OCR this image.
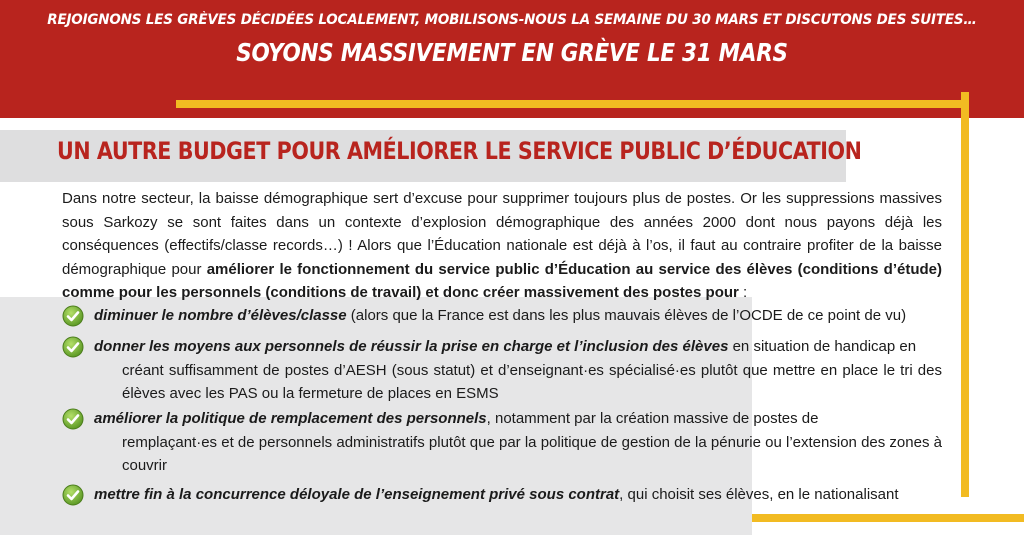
REJOIGNONS LES GRÈVES DÉCIDÉES LOCALEMENT, MOBILISONS-NOUS LA SEMAINE DU 30 MARS ET DISCUTONS DES SUITES…
SOYONS MASSIVEMENT EN GRÈVE LE 31 MARS
UN AUTRE BUDGET POUR AMÉLIORER LE SERVICE PUBLIC D’ÉDUCATION
Dans notre secteur, la baisse démographique sert d’excuse pour supprimer toujours plus de postes. Or les suppressions massives sous Sarkozy se sont faites dans un contexte d’explosion démographique des années 2000 dont nous payons déjà les conséquences (effectifs/classe records…) ! Alors que l’Éducation nationale est déjà à l’os, il faut au contraire profiter de la baisse démographique pour améliorer le fonctionnement du service public d’Éducation au service des élèves (conditions d’étude) comme pour les personnels (conditions de travail) et donc créer massivement des postes pour :
diminuer le nombre d’élèves/classe (alors que la France est dans les plus mauvais élèves de l’OCDE de ce point de vu)
donner les moyens aux personnels de réussir la prise en charge et l’inclusion des élèves en situation de handicap en
créant suffisamment de postes d’AESH (sous statut) et d’enseignant·es spécialisé·es plutôt que mettre en place le tri des élèves avec les PAS ou la fermeture de places en ESMS
améliorer la politique de remplacement des personnels, notamment par la création massive de postes de
remplaçant·es et de personnels administratifs plutôt que par la politique de gestion de la pénurie ou l’extension des zones à couvrir
mettre fin à la concurrence déloyale de l’enseignement privé sous contrat, qui choisit ses élèves, en le nationalisant
